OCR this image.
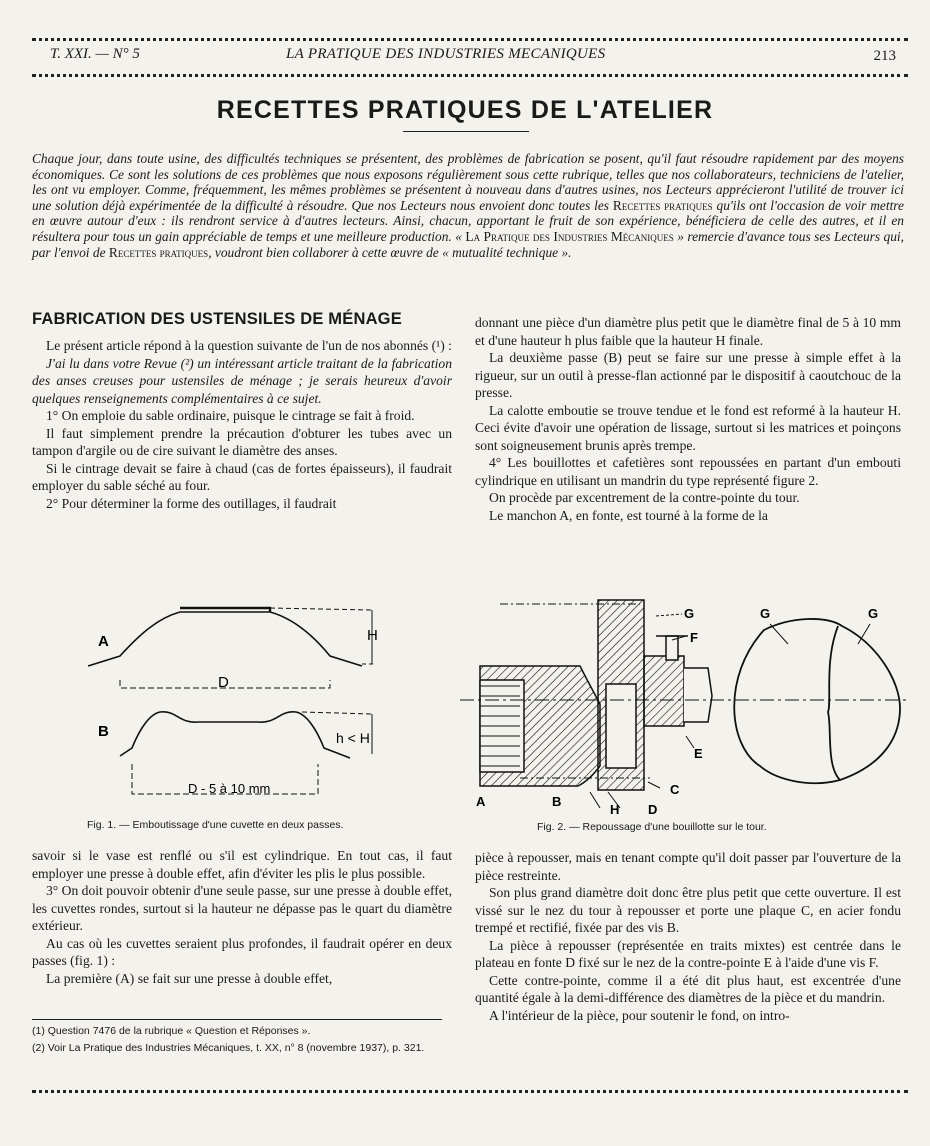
T. XXI. — N° 5	LA PRATIQUE DES INDUSTRIES MECANIQUES	213
RECETTES PRATIQUES DE L'ATELIER
Chaque jour, dans toute usine, des difficultés techniques se présentent, des problèmes de fabrication se posent, qu'il faut résoudre rapidement par des moyens économiques. Ce sont les solutions de ces problèmes que nous exposons régulièrement sous cette rubrique, telles que nos collaborateurs, techniciens de l'atelier, les ont vu employer. Comme, fréquemment, les mêmes problèmes se présentent à nouveau dans d'autres usines, nos Lecteurs apprécieront l'utilité de trouver ici une solution déjà expérimentée de la difficulté à résoudre. Que nos Lecteurs nous envoient donc toutes les Recettes pratiques qu'ils ont l'occasion de voir mettre en œuvre autour d'eux : ils rendront service à d'autres lecteurs. Ainsi, chacun, apportant le fruit de son expérience, bénéficiera de celle des autres, et il en résultera pour tous un gain appréciable de temps et une meilleure production. « La Pratique des Industries Mécaniques » remercie d'avance tous ses Lecteurs qui, par l'envoi de Recettes pratiques, voudront bien collaborer à cette œuvre de « mutualité technique ».
FABRICATION DES USTENSILES DE MÉNAGE

Le présent article répond à la question suivante de l'un de nos abonnés (¹) :

J'ai lu dans votre Revue (²) un intéressant article traitant de la fabrication des anses creuses pour ustensiles de ménage ; je serais heureux d'avoir quelques renseignements complémentaires à ce sujet.

1° On emploie du sable ordinaire, puisque le cintrage se fait à froid.

Il faut simplement prendre la précaution d'obturer les tubes avec un tampon d'argile ou de cire suivant le diamètre des anses.

Si le cintrage devait se faire à chaud (cas de fortes épaisseurs), il faudrait employer du sable séché au four.

2° Pour déterminer la forme des outillages, il faudrait

donnant une pièce d'un diamètre plus petit que le diamètre final de 5 à 10 mm et d'une hauteur h plus faible que la hauteur H finale.

La deuxième passe (B) peut se faire sur une presse à simple effet à la rigueur, sur un outil à presse-flan actionné par le dispositif à caoutchouc de la presse.

La calotte emboutie se trouve tendue et le fond est reformé à la hauteur H. Ceci évite d'avoir une opération de lissage, surtout si les matrices et poinçons sont soigneusement brunis après trempe.

4° Les bouillottes et cafetières sont repoussées en partant d'un embouti cylindrique en utilisant un mandrin du type représenté figure 2.

On procède par excentrement de la contre-pointe du tour.

Le manchon A, en fonte, est tourné à la forme de la

A	H
D
B	h < H
D - 5 à 10 mm
Fig. 1. — Emboutissage d'une cuvette en deux passes.
G
F
E
C
A	B
H D
G	G
Fig. 2. — Repoussage d'une bouillotte sur le tour.

savoir si le vase est renflé ou s'il est cylindrique. En tout cas, il faut employer une presse à double effet, afin d'éviter les plis le plus possible.

3° On doit pouvoir obtenir d'une seule passe, sur une presse à double effet, les cuvettes rondes, surtout si la hauteur ne dépasse pas le quart du diamètre extérieur.

Au cas où les cuvettes seraient plus profondes, il faudrait opérer en deux passes (fig. 1) :

La première (A) se fait sur une presse à double effet,

pièce à repousser, mais en tenant compte qu'il doit passer par l'ouverture de la pièce restreinte.

Son plus grand diamètre doit donc être plus petit que cette ouverture. Il est vissé sur le nez du tour à repousser et porte une plaque C, en acier fondu trempé et rectifié, fixée par des vis B.

La pièce à repousser (représentée en traits mixtes) est centrée dans le plateau en fonte D fixé sur le nez de la contre-pointe E à l'aide d'une vis F.

Cette contre-pointe, comme il a été dit plus haut, est excentrée d'une quantité égale à la demi-différence des diamètres de la pièce et du mandrin.

A l'intérieur de la pièce, pour soutenir le fond, on intro-

(1) Question 7476 de la rubrique « Question et Réponses ».
(2) Voir La Pratique des Industries Mécaniques, t. XX, n° 8 (novembre 1937), p. 321.
